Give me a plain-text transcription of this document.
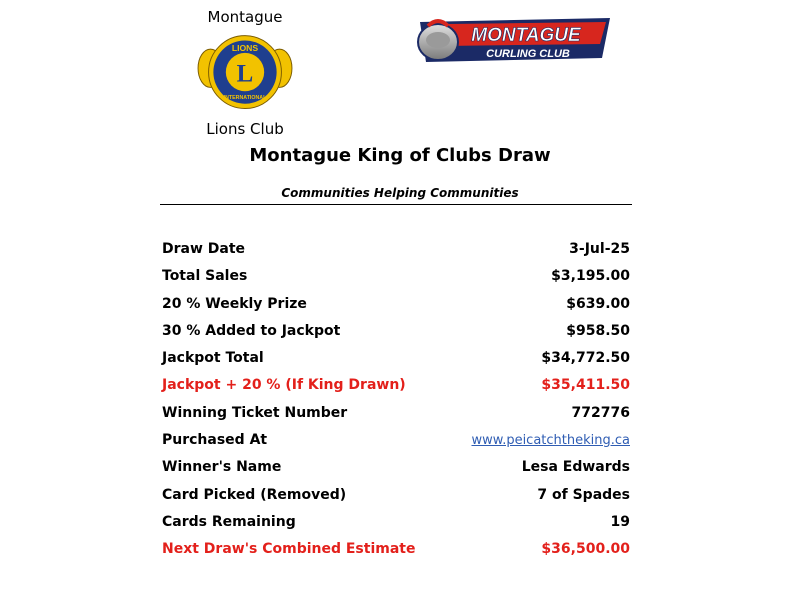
Montague
LIONS
L
INTERNATIONAL
Lions Club
MONTAGUE
CURLING CLUB
Montague King of Clubs Draw
Communities Helping Communities
Draw Date	3-Jul-25
Total Sales	$3,195.00
20 % Weekly Prize	$639.00
30 % Added to Jackpot	$958.50
Jackpot Total	$34,772.50
Jackpot + 20 % (If King Drawn)	$35,411.50
Winning Ticket Number	772776
Purchased At	www.peicatchtheking.ca
Winner's Name	Lesa Edwards
Card Picked (Removed)	7 of Spades
Cards Remaining	19
Next Draw's Combined Estimate	$36,500.00
